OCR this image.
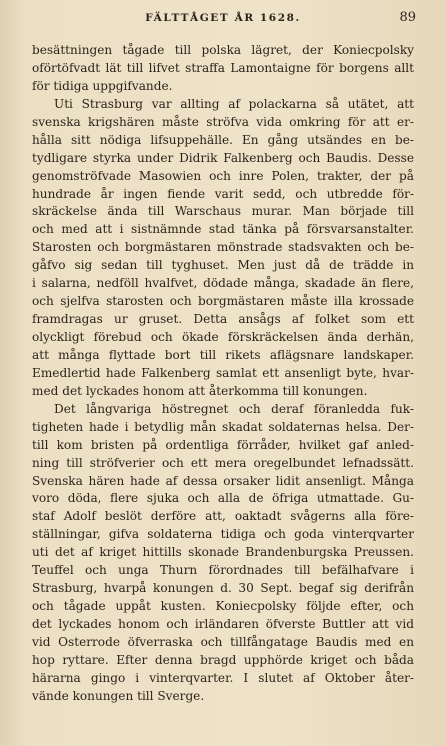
FÄLTTÅGET ÅR 1628.	89
besättningen tågade till polska lägret, der Koniecpolsky
oförtöfvadt lät till lifvet straffa Lamontaigne för borgens allt
för tidiga uppgifvande.
Uti Strasburg var allting af polackarna så utätet, att
svenska krigshären måste ströfva vida omkring för att er-
hålla sitt nödiga lifsuppehälle. En gång utsändes en be-
tydligare styrka under Didrik Falkenberg och Baudis. Desse
genomströfvade Masowien och inre Polen, trakter, der på
hundrade år ingen fiende varit sedd, och utbredde för-
skräckelse ända till Warschaus murar. Man började till
och med att i sistnämnde stad tänka på försvarsanstalter.
Starosten och borgmästaren mönstrade stadsvakten och be-
gåfvo sig sedan till tyghuset. Men just då de trädde in
i salarna, nedföll hvalfvet, dödade många, skadade än flere,
och sjelfva starosten och borgmästaren måste illa krossade
framdragas ur gruset. Detta ansågs af folket som ett
olyckligt förebud och ökade förskräckelsen ända derhän,
att många flyttade bort till rikets aflägsnare landskaper.
Emedlertid hade Falkenberg samlat ett ansenligt byte, hvar-
med det lyckades honom att återkomma till konungen.
Det långvariga höstregnet och deraf föranledda fuk-
tigheten hade i betydlig mån skadat soldaternas helsa. Der-
till kom bristen på ordentliga förråder, hvilket gaf anled-
ning till ströfverier och ett mera oregelbundet lefnadssätt.
Svenska hären hade af dessa orsaker lidit ansenligt. Många
voro döda, flere sjuka och alla de öfriga utmattade. Gu-
staf Adolf beslöt derföre att, oaktadt svågerns alla före-
ställningar, gifva soldaterna tidiga och goda vinterqvarter
uti det af kriget hittills skonade Brandenburgska Preussen.
Teuffel och unga Thurn förordnades till befälhafvare i
Strasburg, hvarpå konungen d. 30 Sept. begaf sig derifrån
och tågade uppåt kusten. Koniecpolsky följde efter, och
det lyckades honom och irländaren öfverste Buttler att vid
vid Osterrode öfverraska och tillfångatage Baudis med en
hop ryttare. Efter denna bragd upphörde kriget och båda
härarna gingo i vinterqvarter. I slutet af Oktober åter-
vände konungen till Sverge.
